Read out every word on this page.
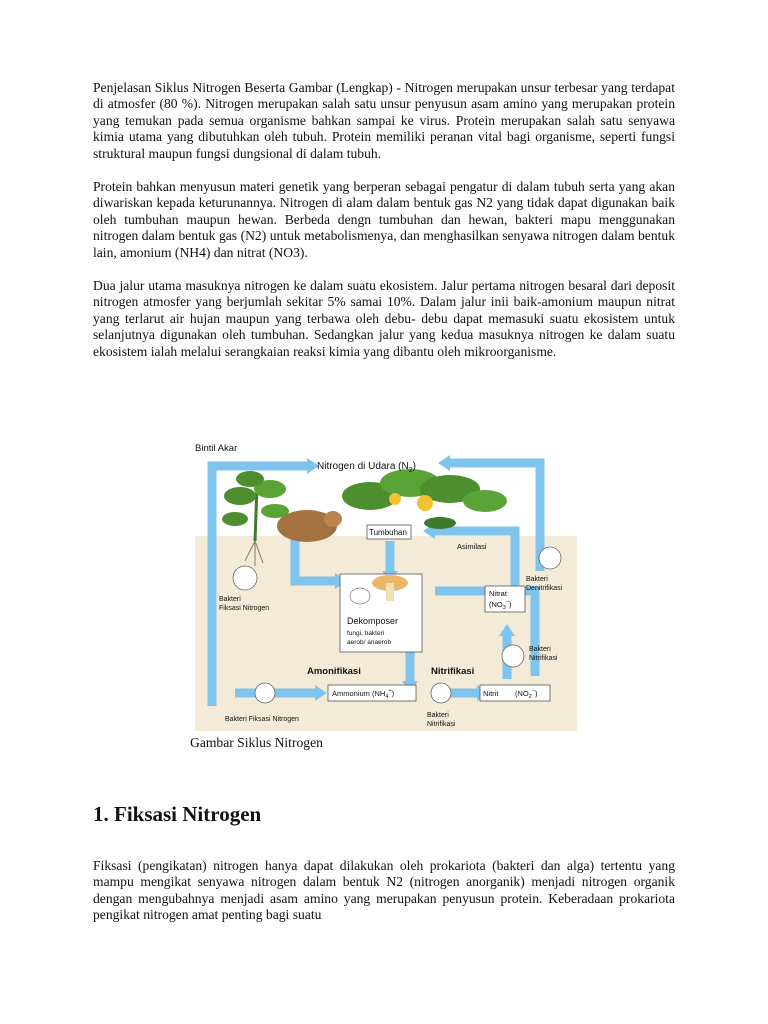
Penjelasan Siklus Nitrogen Beserta Gambar (Lengkap) - Nitrogen merupakan unsur terbesar yang terdapat di atmosfer (80 %). Nitrogen merupakan salah satu unsur penyusun asam amino yang merupakan protein yang temukan pada semua organisme bahkan sampai ke virus. Protein merupakan salah satu senyawa kimia utama yang dibutuhkan oleh tubuh. Protein memiliki peranan vital bagi organisme, seperti fungsi struktural maupun fungsi dungsional di dalam tubuh.

Protein bahkan menyusun materi genetik yang berperan sebagai pengatur di dalam tubuh serta yang akan diwariskan kepada keturunannya. Nitrogen di alam dalam bentuk gas N2 yang tidak dapat digunakan baik oleh tumbuhan maupun hewan. Berbeda dengn tumbuhan dan hewan, bakteri mapu menggunakan nitrogen dalam bentuk gas (N2) untuk metabolismenya, dan menghasilkan senyawa nitrogen dalam bentuk lain, amonium (NH4) dan nitrat (NO3).

Dua jalur utama masuknya nitrogen ke dalam suatu ekosistem. Jalur pertama nitrogen besaral dari deposit nitrogen atmosfer yang berjumlah sekitar 5% samai 10%. Dalam jalur inii baik-amonium maupun nitrat yang terlarut air hujan maupun yang terbawa oleh debu- debu dapat memasuki suatu ekosistem untuk selanjutnya digunakan oleh tumbuhan. Sedangkan jalur yang kedua masuknya nitrogen ke dalam suatu ekosistem ialah melalui serangkaian reaksi kimia yang dibantu oleh mikroorganisme.

Bintil Akar
Nitrogen di Udara $(N_2)$
Tumbuhan
Asimilasi
Bakteri
Fiksasi Nitrogen
Bakteri
Denitrifikasi
Nitrat
$(NO_3^-)$
Dekomposer
fungi, bakteri
aerob/ anaerob
Bakteri
Nitrifikasi
Amonifikasi	Nitrifikasi
Ammonium $(NH_4^+)$	Nitrit $(NO_2^-)$
Bakteri Fiksasi Nitrogen
Bakteri
Nitrifikasi
Gambar Siklus Nitrogen
1. Fiksasi Nitrogen

Fiksasi (pengikatan) nitrogen hanya dapat dilakukan oleh prokariota (bakteri dan alga) tertentu yang mampu mengikat senyawa nitrogen dalam bentuk N2 (nitrogen anorganik) menjadi nitrogen organik dengan mengubahnya menjadi asam amino yang merupakan penyusun protein. Keberadaan prokariota pengikat nitrogen amat penting bagi suatu
